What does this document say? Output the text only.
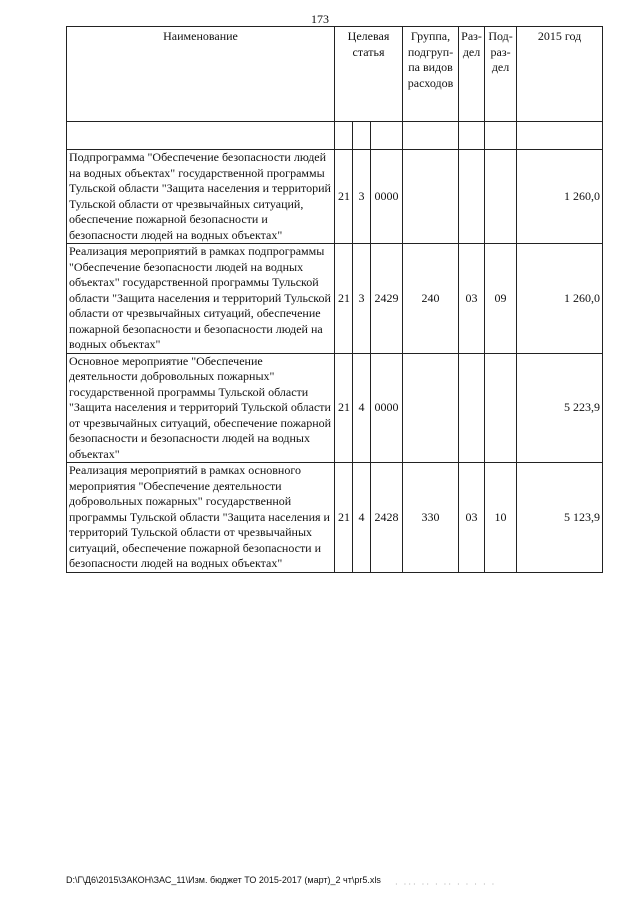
173
Наименование	Целевая статья			Группа, подгруп-па видов расходов	Раз-дел	Под-раз-дел	2015 год

Подпрограмма "Обеспечение безопасности людей на водных объектах" государственной программы Тульской области "Защита населения и территорий Тульской области от чрезвычайных ситуаций, обеспечение пожарной безопасности и безопасности людей на водных объектах"	21	3	0000				1 260,0
Реализация мероприятий в рамках подпрограммы "Обеспечение безопасности людей на водных объектах" государственной программы Тульской области "Защита населения и территорий Тульской области от чрезвычайных ситуаций, обеспечение пожарной безопасности и безопасности людей на водных объектах"	21	3	2429	240	03	09	1 260,0
Основное мероприятие "Обеспечение деятельности добровольных пожарных" государственной программы Тульской области "Защита населения и территорий Тульской области от чрезвычайных ситуаций, обеспечение пожарной безопасности и безопасности людей на водных объектах"	21	4	0000				5 223,9
Реализация мероприятий в рамках основного мероприятия "Обеспечение деятельности добровольных пожарных" государственной программы Тульской области "Защита населения и территорий Тульской области от чрезвычайных ситуаций, обеспечение пожарной безопасности и безопасности людей на водных объектах"	21	4	2428	330	03	10	5 123,9
D:\Г\Д6\2015\ЗАКОН\ЗАС_11\Изм. бюджет ТО 2015-2017 (март)_2 чт\pr5.xls · ··· ·· · ·· · · · · ·
